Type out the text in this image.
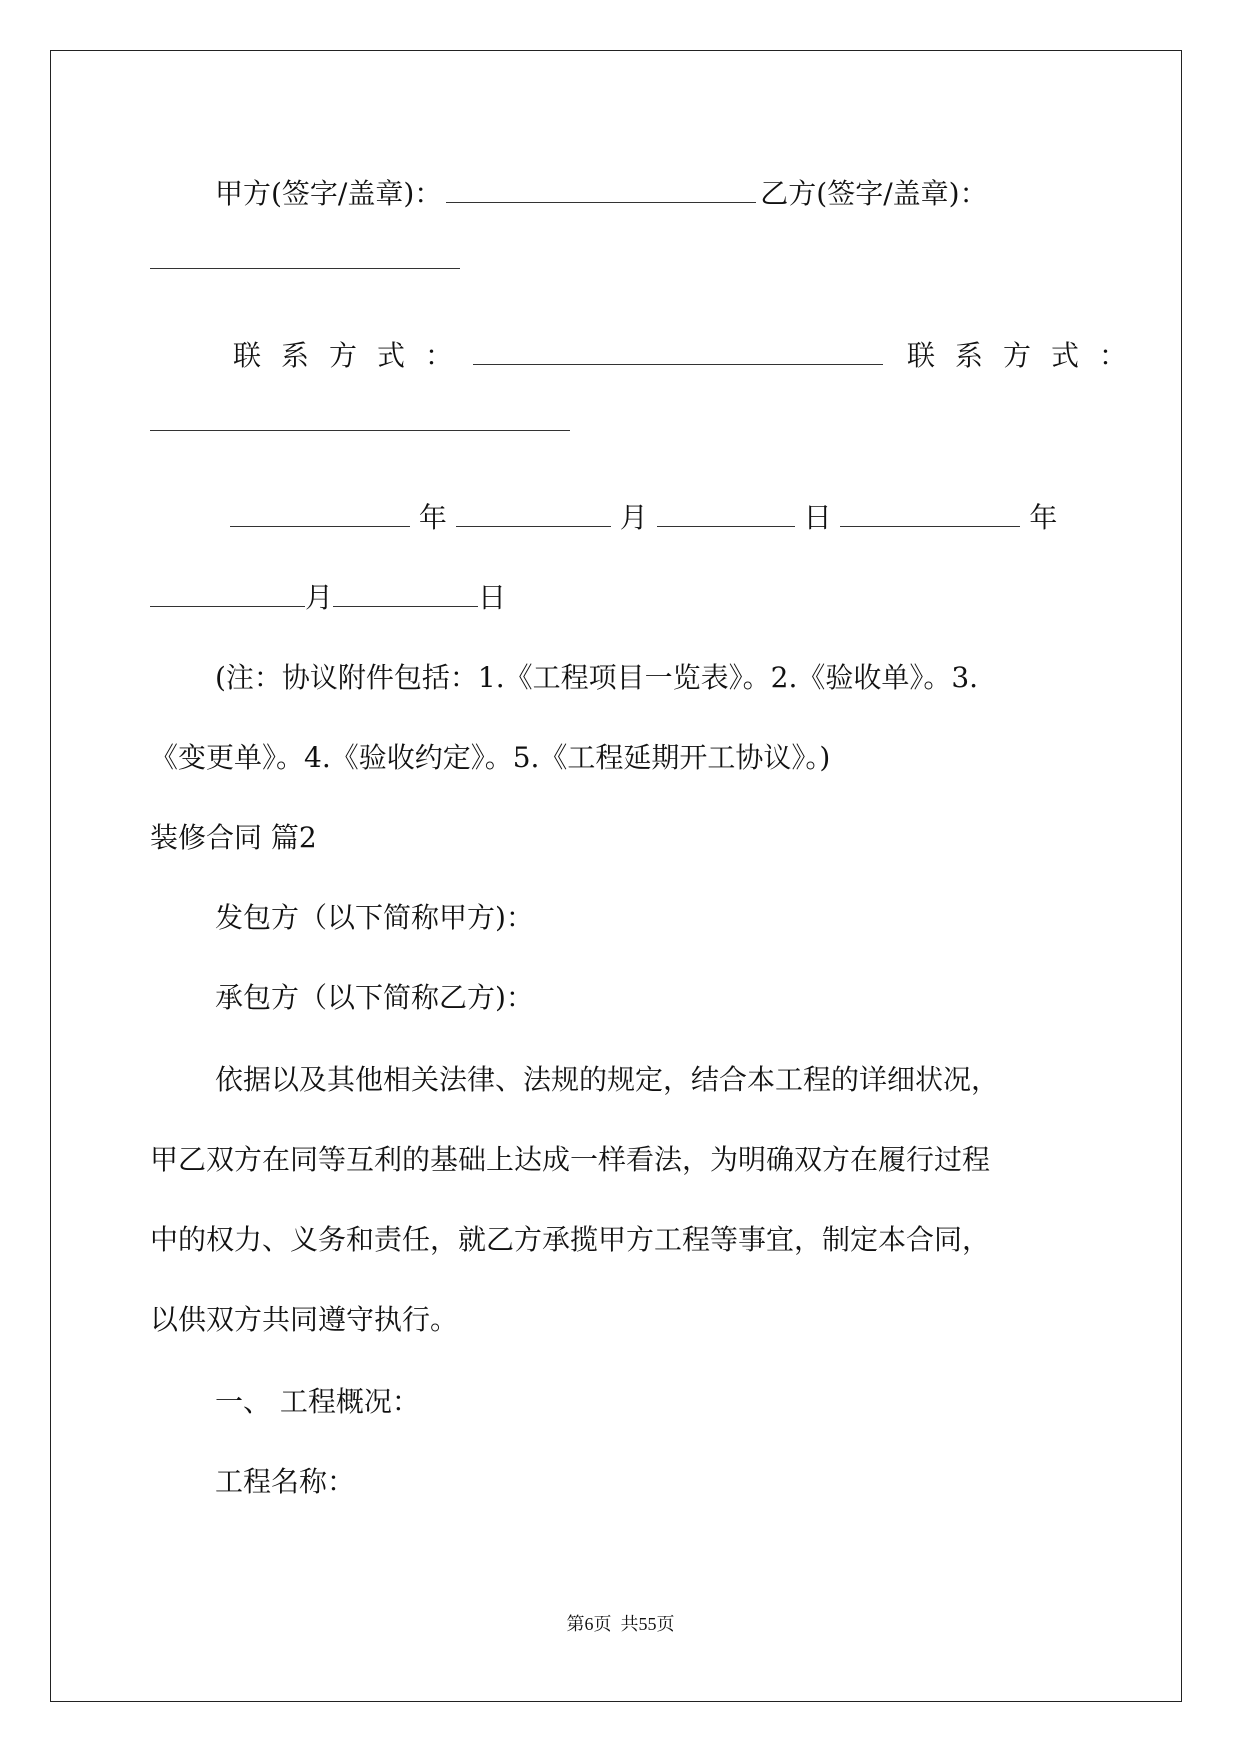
甲方(签字/盖章)：	乙方(签字/盖章)：
联系方式：	联系方式：
年	月	日	年
月	日
(注：协议附件包括：1.《工程项目一览表》。2.《验收单》。3.
《变更单》。4.《验收约定》。5.《工程延期开工协议》。)
装修合同 篇2
发包方（以下简称甲方)：
承包方（以下简称乙方)：
依据以及其他相关法律、法规的规定，结合本工程的详细状况，
甲乙双方在同等互利的基础上达成一样看法，为明确双方在履行过程
中的权力、义务和责任，就乙方承揽甲方工程等事宜，制定本合同，
以供双方共同遵守执行。
一、 工程概况：
工程名称：
第6页  共55页
